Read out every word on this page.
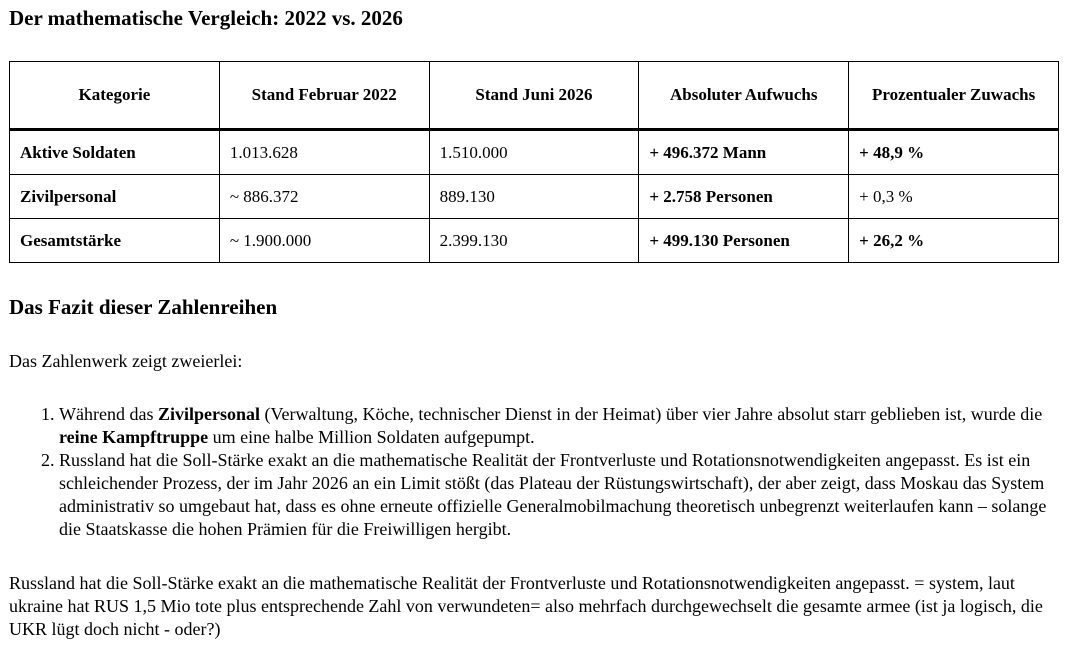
Der mathematische Vergleich: 2022 vs. 2026
Kategorie	Stand Februar 2022	Stand Juni 2026	Absoluter Aufwuchs	Prozentualer Zuwachs
Aktive Soldaten	1.013.628	1.510.000	+ 496.372 Mann	+ 48,9 %
Zivilpersonal	~ 886.372	889.130	+ 2.758 Personen	+ 0,3 %
Gesamtstärke	~ 1.900.000	2.399.130	+ 499.130 Personen	+ 26,2 %
Das Fazit dieser Zahlenreihen

Das Zahlenwerk zeigt zweierlei:

1. Während das Zivilpersonal (Verwaltung, Köche, technischer Dienst in der Heimat) über vier Jahre absolut starr geblieben ist, wurde die reine Kampftruppe um eine halbe Million Soldaten aufgepumpt.
2. Russland hat die Soll-Stärke exakt an die mathematische Realität der Frontverluste und Rotationsnotwendigkeiten angepasst. Es ist ein schleichender Prozess, der im Jahr 2026 an ein Limit stößt (das Plateau der Rüstungswirtschaft), der aber zeigt, dass Moskau das System administrativ so umgebaut hat, dass es ohne erneute offizielle Generalmobilmachung theoretisch unbegrenzt weiterlaufen kann – solange die Staatskasse die hohen Prämien für die Freiwilligen hergibt.

Russland hat die Soll-Stärke exakt an die mathematische Realität der Frontverluste und Rotationsnotwendigkeiten angepasst. = system, laut ukraine hat RUS 1,5 Mio tote plus entsprechende Zahl von verwundeten= also mehrfach durchgewechselt die gesamte armee (ist ja logisch, die UKR lügt doch nicht - oder?)
